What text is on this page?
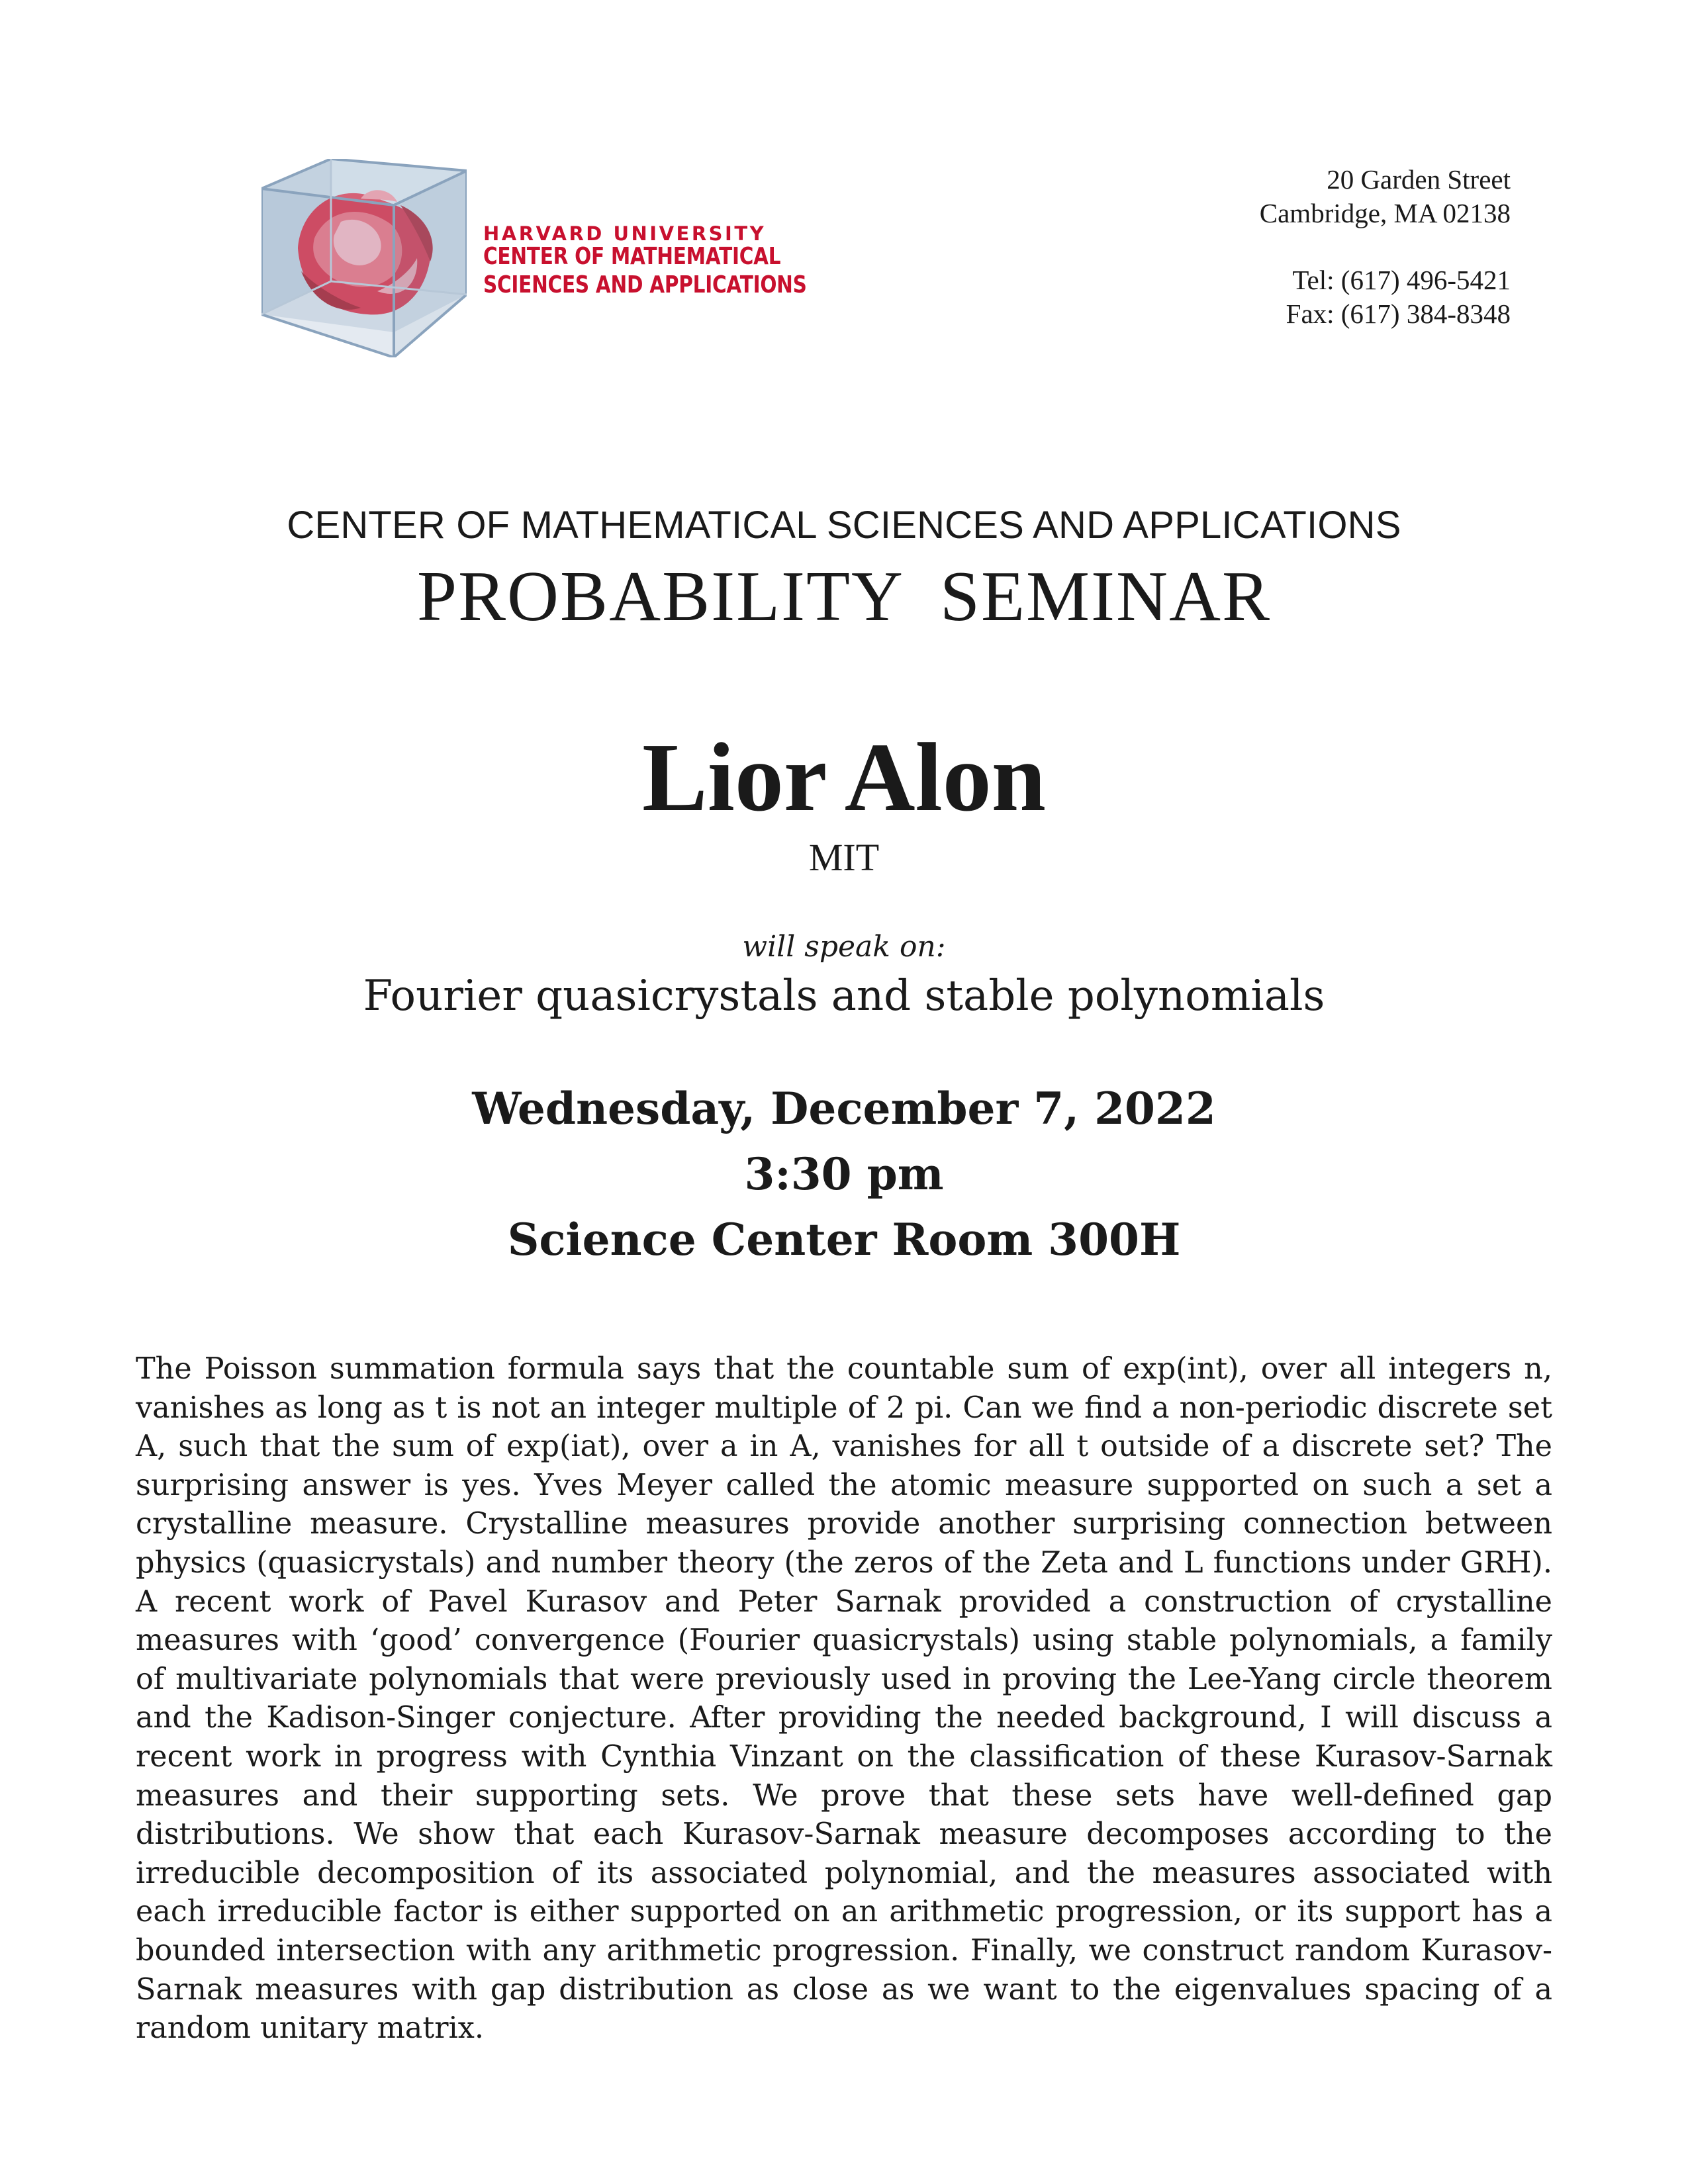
HARVARD UNIVERSITY
CENTER OF MATHEMATICAL
SCIENCES AND APPLICATIONS
20 Garden Street
Cambridge, MA 02138
Tel: (617) 496-5421
Fax: (617) 384-8348
CENTER OF MATHEMATICAL SCIENCES AND APPLICATIONS
PROBABILITY  SEMINAR
Lior Alon
MIT
will speak on:
Fourier quasicrystals and stable polynomials
Wednesday, December 7, 2022
3:30 pm
Science Center Room 300H
The Poisson summation formula says that the countable sum of exp(int), over all integers n, vanishes as long as t is not an integer multiple of 2 pi. Can we find a non-periodic discrete set A, such that the sum of exp(iat), over a in A, vanishes for all t outside of a discrete set? The surprising answer is yes. Yves Meyer called the atomic measure supported on such a set a crystalline measure. Crystalline measures provide another surprising connection between physics (quasicrystals) and number theory (the zeros of the Zeta and L functions under GRH). A recent work of Pavel Kurasov and Peter Sarnak provided a construction of crystalline measures with ‘good’ convergence (Fourier quasicrystals) using stable polynomials, a family of multivariate polynomials that were previously used in proving the Lee-Yang circle theorem and the Kadison-Singer conjecture. After providing the needed background, I will discuss a recent work in progress with Cynthia Vinzant on the classification of these Kurasov-Sarnak measures and their supporting sets. We prove that these sets have well-defined gap distributions. We show that each Kurasov-Sarnak measure decomposes according to the irreducible decomposition of its associated polynomial, and the measures associated with each irreducible factor is either supported on an arithmetic progression, or its support has a bounded intersection with any arithmetic progression. Finally, we construct random Kurasov-Sarnak measures with gap distribution as close as we want to the eigenvalues spacing of a random unitary matrix.
